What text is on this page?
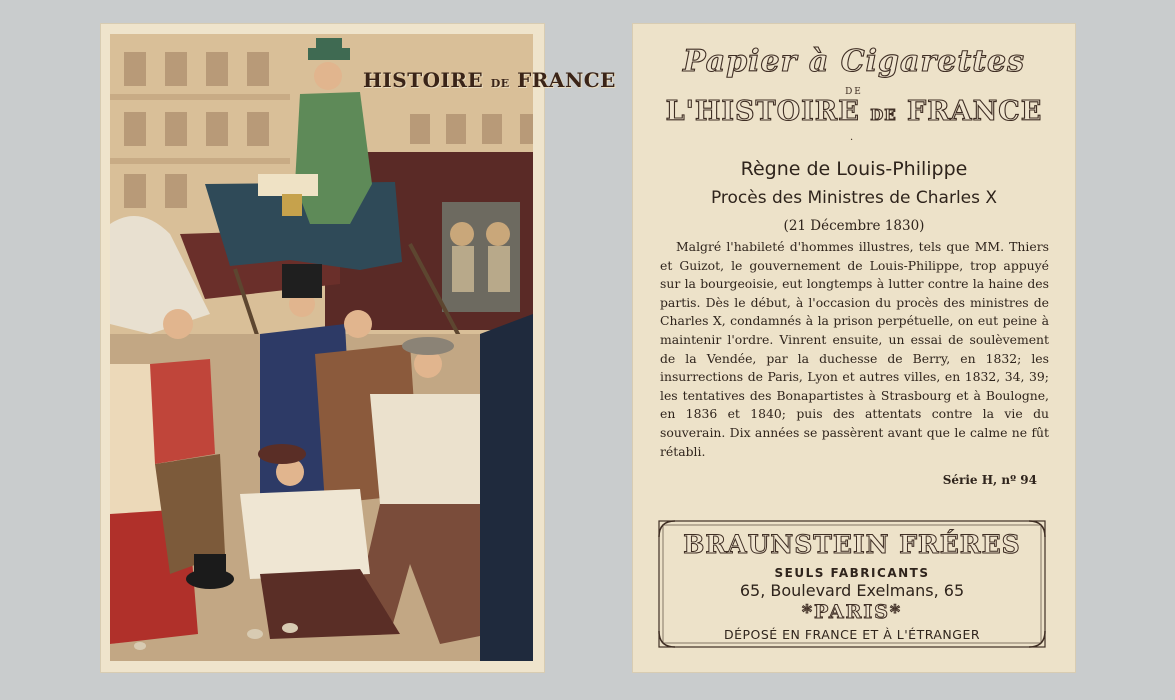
HISTOIRE DE FRANCE
Papier à Cigarettes
DE
L'HISTOIRE DE FRANCE
·
Règne de Louis-Philippe
Procès des Ministres de Charles X
(21 Décembre 1830)
Malgré l'habileté d'hommes illustres, tels que MM. Thiers et Guizot, le gouvernement de Louis-Philippe, trop appuyé sur la bourgeoisie, eut longtemps à lutter contre la haine des partis. Dès le début, à l'occasion du procès des ministres de Charles X, condamnés à la prison perpétuelle, on eut peine à maintenir l'ordre. Vinrent ensuite, un essai de soulèvement de la Vendée, par la duchesse de Berry, en 1832; les insurrections de Paris, Lyon et autres villes, en 1832, 34, 39; les tentatives des Bonapartistes à Strasbourg et à Boulogne, en 1836 et 1840; puis des attentats contre la vie du souverain. Dix années se passèrent avant que le calme ne fût rétabli.
Série H, nº 94
BRAUNSTEIN FRÉRES
SEULS FABRICANTS
65, Boulevard Exelmans, 65
*PARIS*
DÉPOSÉ EN FRANCE ET À L'ÉTRANGER
